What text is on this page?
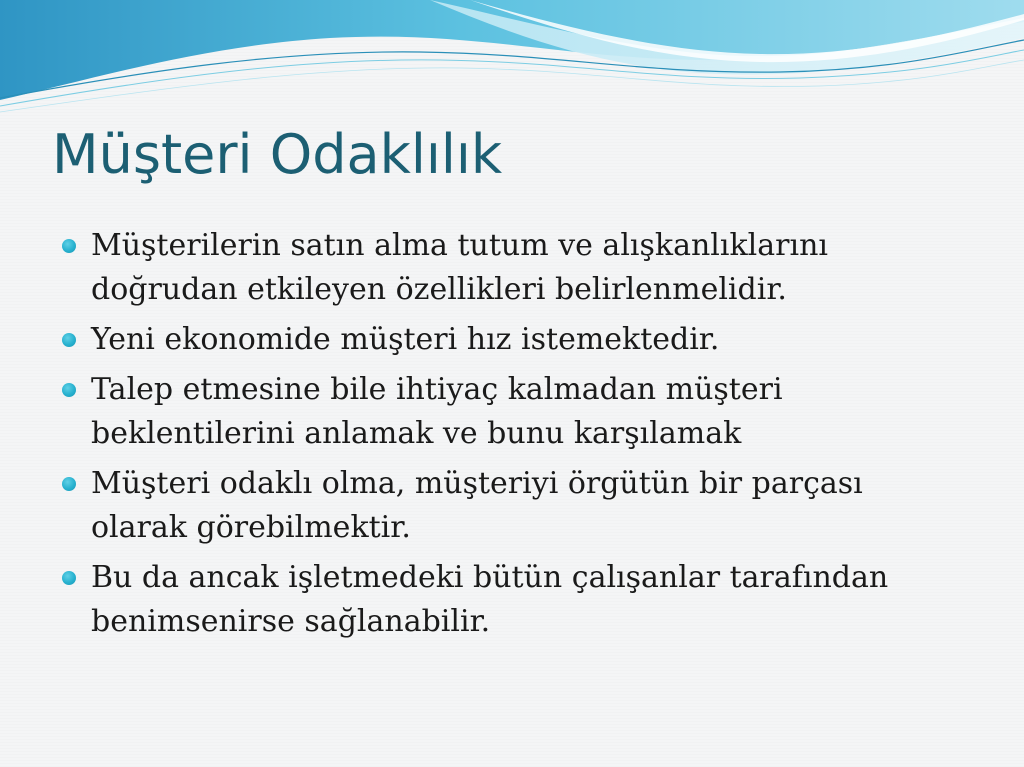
Müşteri Odaklılık
Müşterilerin satın alma tutum ve alışkanlıklarını doğrudan etkileyen özellikleri belirlenmelidir.
Yeni ekonomide müşteri hız istemektedir.
Talep etmesine bile ihtiyaç kalmadan müşteri beklentilerini anlamak ve bunu karşılamak
Müşteri odaklı olma, müşteriyi örgütün bir parçası olarak görebilmektir.
Bu da ancak işletmedeki bütün çalışanlar tarafından benimsenirse sağlanabilir.
